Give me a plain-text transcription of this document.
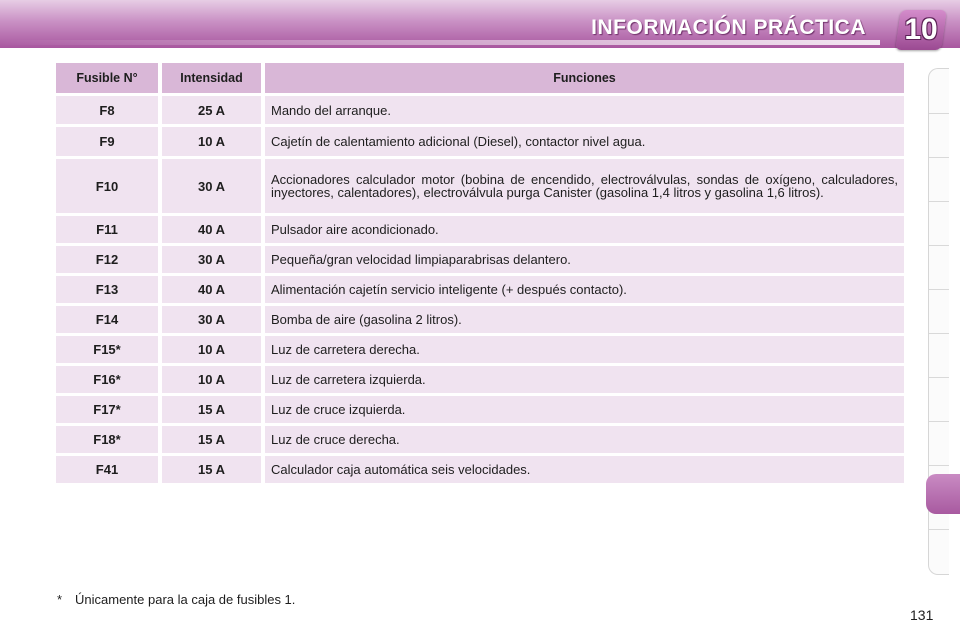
INFORMACIÓN PRÁCTICA 10
Fusible N°	Intensidad	Funciones
F8	25 A	Mando del arranque.
F9	10 A	Cajetín de calentamiento adicional (Diesel), contactor nivel agua.
F10	30 A	Accionadores calculador motor (bobina de encendido, electroválvulas, sondas de oxígeno, calculadores, inyectores, calentadores), electroválvula purga Canister (gasolina 1,4 litros y gasolina 1,6 litros).
F11	40 A	Pulsador aire acondicionado.
F12	30 A	Pequeña/gran velocidad limpiaparabrisas delantero.
F13	40 A	Alimentación cajetín servicio inteligente (+ después contacto).
F14	30 A	Bomba de aire (gasolina 2 litros).
F15*	10 A	Luz de carretera derecha.
F16*	10 A	Luz de carretera izquierda.
F17*	15 A	Luz de cruce izquierda.
F18*	15 A	Luz de cruce derecha.
F41	15 A	Calculador caja automática seis velocidades.
* Únicamente para la caja de fusibles 1.
131
